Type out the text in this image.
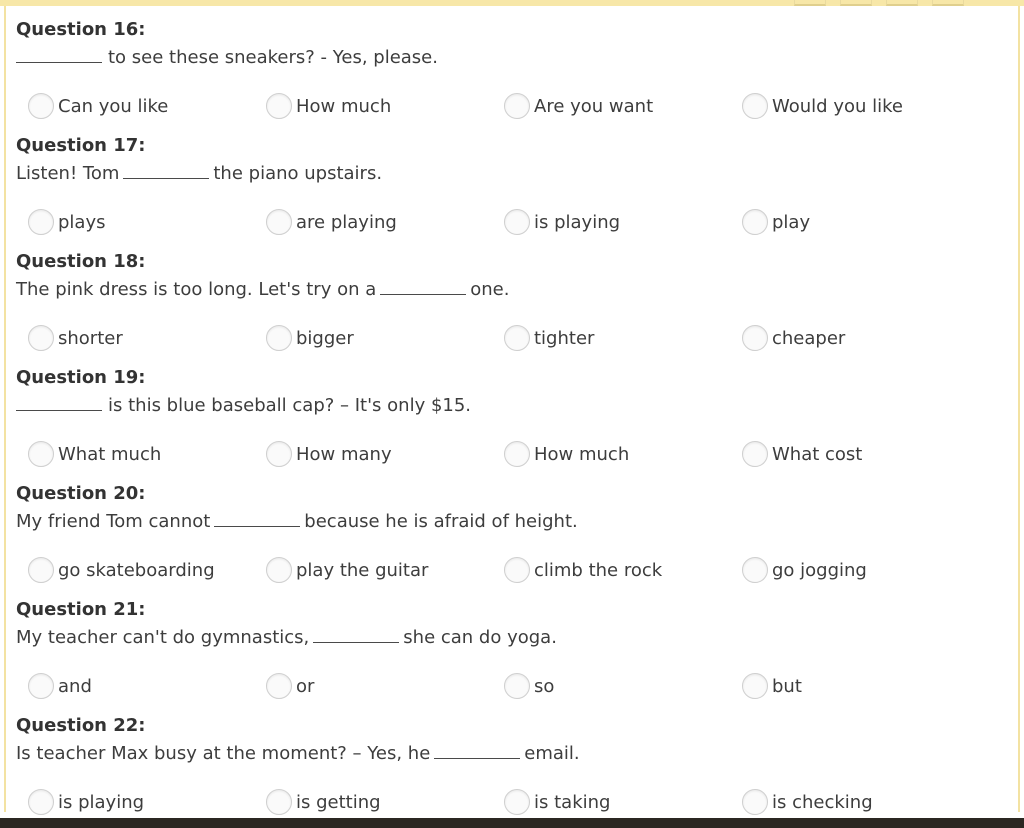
Question 16:
to see these sneakers? - Yes, please.
Can you like	How much	Are you want	Would you like
Question 17:
Listen! Tom	the piano upstairs.
plays	are playing	is playing	play
Question 18:
The pink dress is too long. Let's try on a	one.
shorter	bigger	tighter	cheaper
Question 19:
is this blue baseball cap? – It's only $15.
What much	How many	How much	What cost
Question 20:
My friend Tom cannot	because he is afraid of height.
go skateboarding	play the guitar	climb the rock	go jogging
Question 21:
My teacher can't do gymnastics,	she can do yoga.
and	or	so	but
Question 22:
Is teacher Max busy at the moment? – Yes, he	email.
is playing	is getting	is taking	is checking
